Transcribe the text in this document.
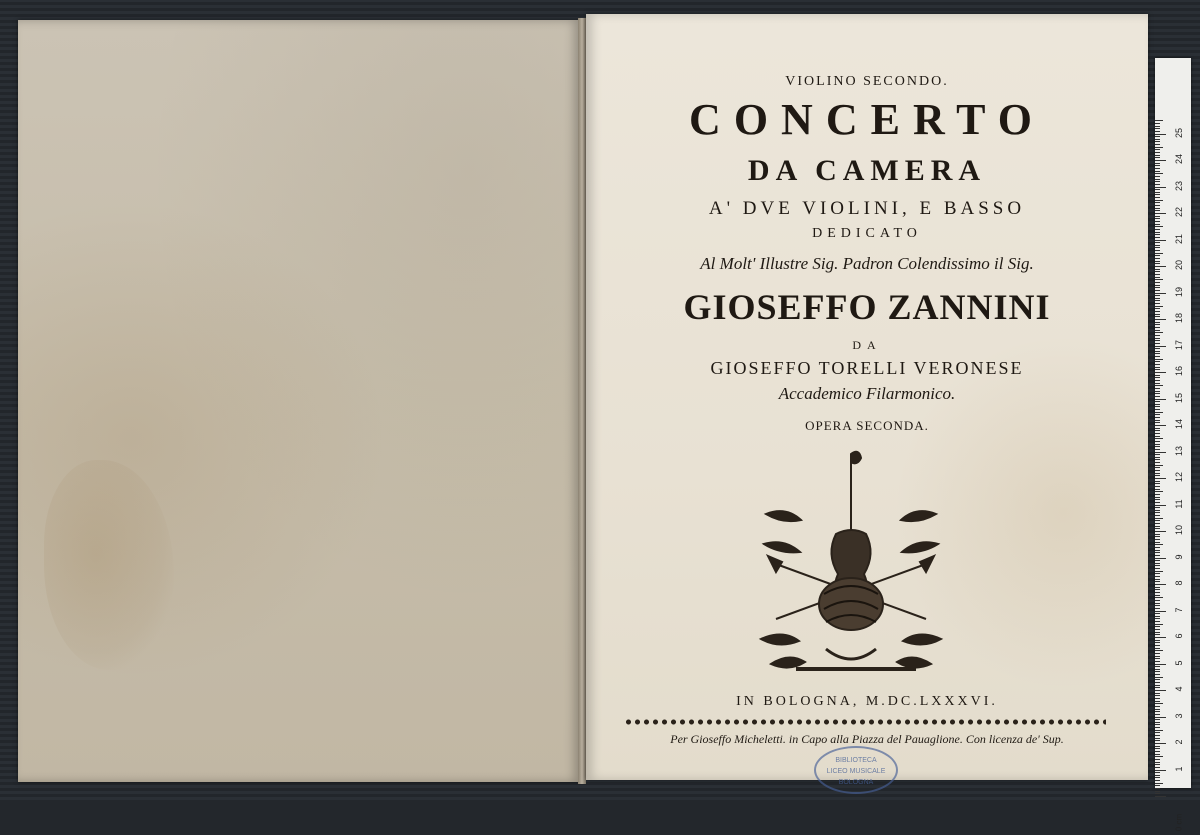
VIOLINO SECONDO.
CONCERTO
DA CAMERA
A' DVE VIOLINI, E BASSO
DEDICATO
Al Molt' Illustre Sig. Padron Colendissimo il Sig.
GIOSEFFO ZANNINI
DA
GIOSEFFO TORELLI VERONESE
Accademico Filarmonico.
OPERA SECONDA.
IN BOLOGNA, M.DC.LXXXVI.
Per Gioseffo Micheletti. in Capo alla Piazza del Pauaglione. Con licenza de' Sup.
BIBLIOTECA
LICEO MUSICALE
BOLOGNA
0 cm
1
2
3
4
5
6
7
8
9
10
11
12
13
14
15
16
17
18
19
20
21
22
23
24
25
